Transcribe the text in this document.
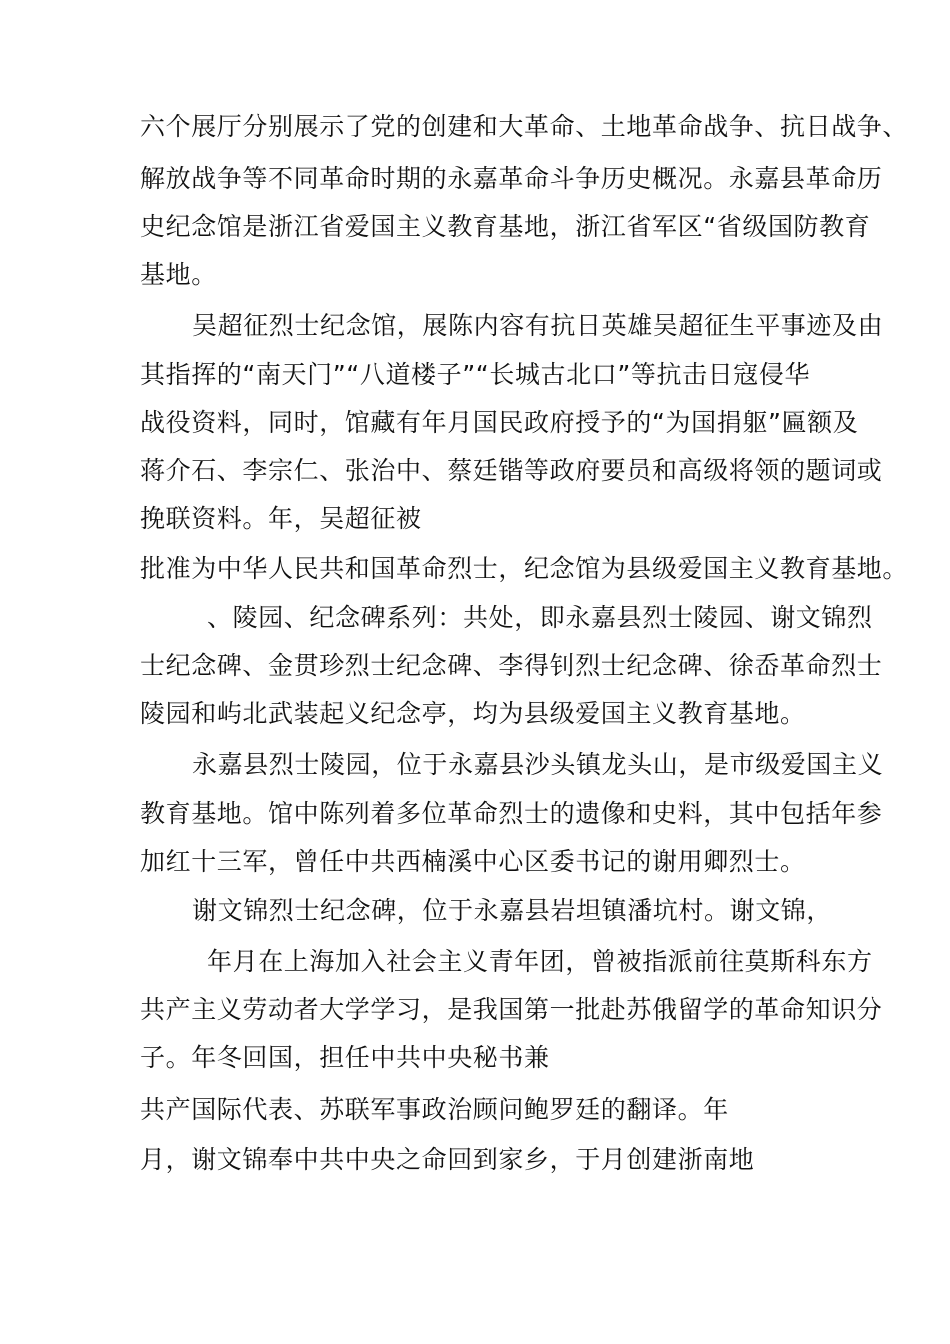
六个展厅分别展示了党的创建和大革命、土地革命战争、抗日战争、
解放战争等不同革命时期的永嘉革命斗争历史概况。永嘉县革命历
史纪念馆是浙江省爱国主义教育基地，浙江省军区“省级国防教育
基地。
吴超征烈士纪念馆，展陈内容有抗日英雄吴超征生平事迹及由
其指挥的“南天门”“八道楼子”“长城古北口”等抗击日寇侵华
战役资料，同时，馆藏有年月国民政府授予的“为国捐躯”匾额及
蒋介石、李宗仁、张治中、蔡廷锴等政府要员和高级将领的题词或
挽联资料。年，吴超征被
批准为中华人民共和国革命烈士，纪念馆为县级爱国主义教育基地。
、陵园、纪念碑系列：共处，即永嘉县烈士陵园、谢文锦烈
士纪念碑、金贯珍烈士纪念碑、李得钊烈士纪念碑、徐岙革命烈士
陵园和屿北武装起义纪念亭，均为县级爱国主义教育基地。
永嘉县烈士陵园，位于永嘉县沙头镇龙头山，是市级爱国主义
教育基地。馆中陈列着多位革命烈士的遗像和史料，其中包括年参
加红十三军，曾任中共西楠溪中心区委书记的谢用卿烈士。
谢文锦烈士纪念碑，位于永嘉县岩坦镇潘坑村。谢文锦，
年月在上海加入社会主义青年团，曾被指派前往莫斯科东方
共产主义劳动者大学学习，是我国第一批赴苏俄留学的革命知识分
子。年冬回国，担任中共中央秘书兼
共产国际代表、苏联军事政治顾问鲍罗廷的翻译。年
月，谢文锦奉中共中央之命回到家乡，于月创建浙南地
